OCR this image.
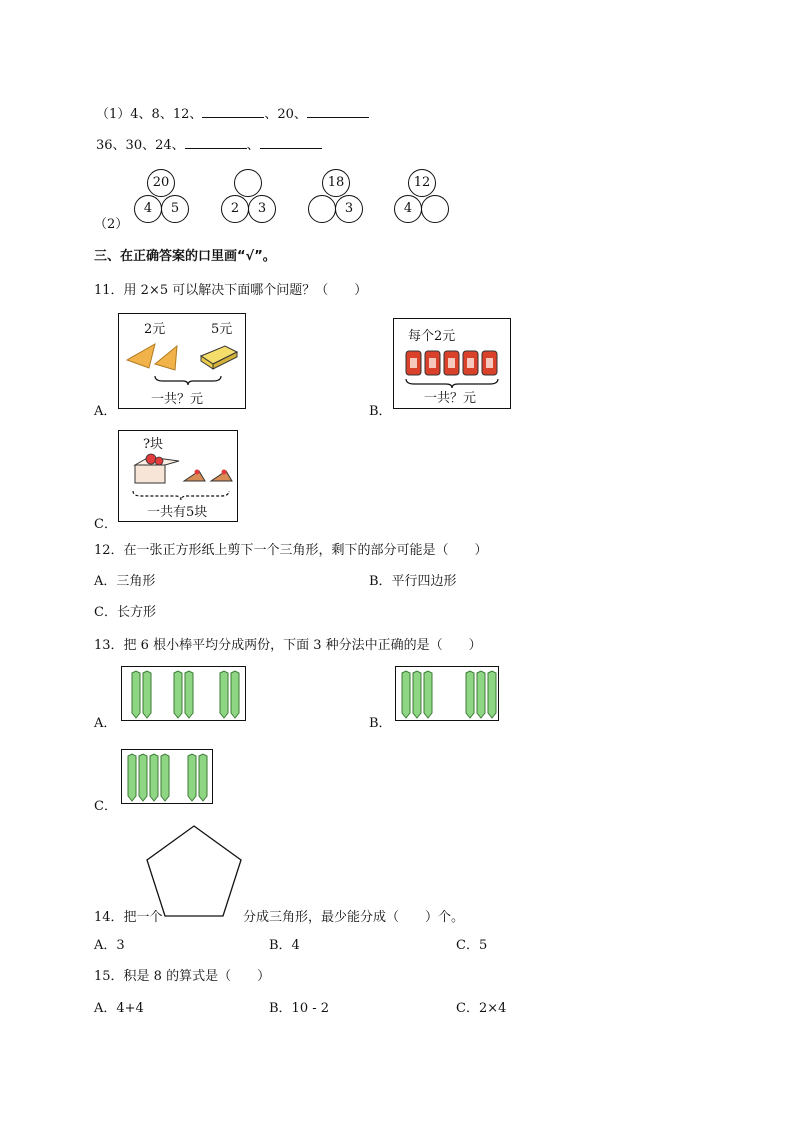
（1）4、8、12、	、20、
36、30、24、	、
（2）
20
4	5	2	3
18
3
12
4
三、在正确答案的口里画“√”。
11．用 2×5 可以解决下面哪个问题？（　　）
A．
2元	5元
一共？元
B．
每个2元
一共？元
C．
?块
一共有5块
12．在一张正方形纸上剪下一个三角形，剩下的部分可能是（　　）
A．三角形	B．平行四边形
C．长方形
13．把 6 根小棒平均分成两份，下面 3 种分法中正确的是（　　）
A．	B．
C．
14．把一个	分成三角形，最少能分成（　　）个。
A．3	B．4	C．5
15．积是 8 的算式是（　　）
A．4+4	B．10 - 2	C．2×4
